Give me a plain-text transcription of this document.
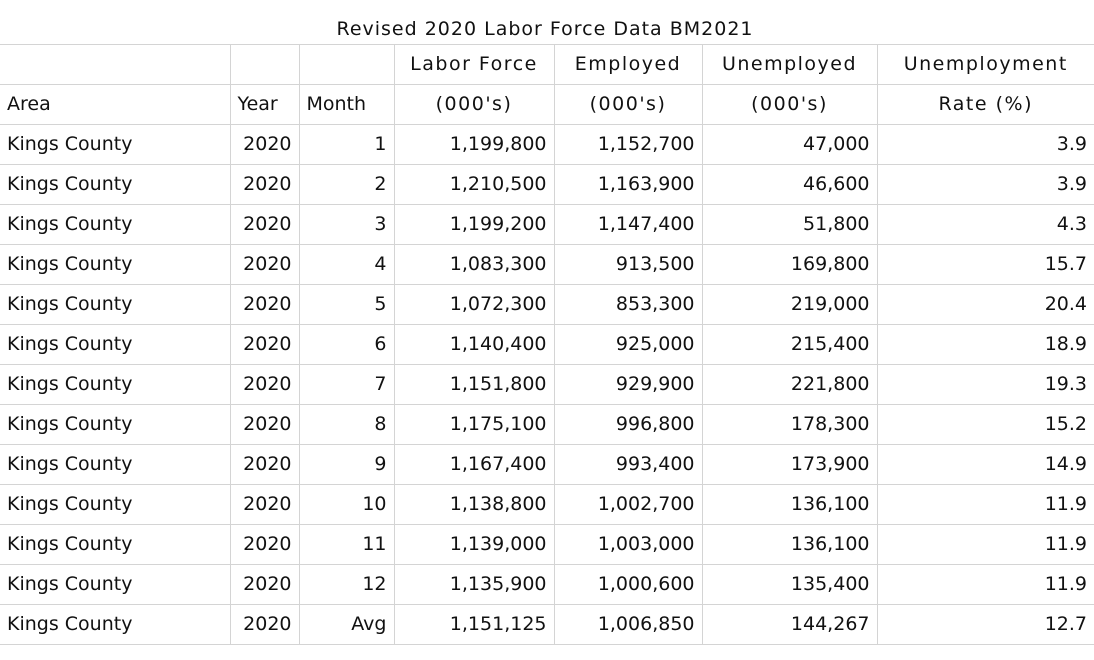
Revised 2020 Labor Force Data BM2021
			Labor Force	Employed	Unemployed	Unemployment
Area	Year	Month	(000's)	(000's)	(000's)	Rate (%)
Kings County	2020	1	1,199,800	1,152,700	47,000	3.9
Kings County	2020	2	1,210,500	1,163,900	46,600	3.9
Kings County	2020	3	1,199,200	1,147,400	51,800	4.3
Kings County	2020	4	1,083,300	913,500	169,800	15.7
Kings County	2020	5	1,072,300	853,300	219,000	20.4
Kings County	2020	6	1,140,400	925,000	215,400	18.9
Kings County	2020	7	1,151,800	929,900	221,800	19.3
Kings County	2020	8	1,175,100	996,800	178,300	15.2
Kings County	2020	9	1,167,400	993,400	173,900	14.9
Kings County	2020	10	1,138,800	1,002,700	136,100	11.9
Kings County	2020	11	1,139,000	1,003,000	136,100	11.9
Kings County	2020	12	1,135,900	1,000,600	135,400	11.9
Kings County	2020	Avg	1,151,125	1,006,850	144,267	12.7
